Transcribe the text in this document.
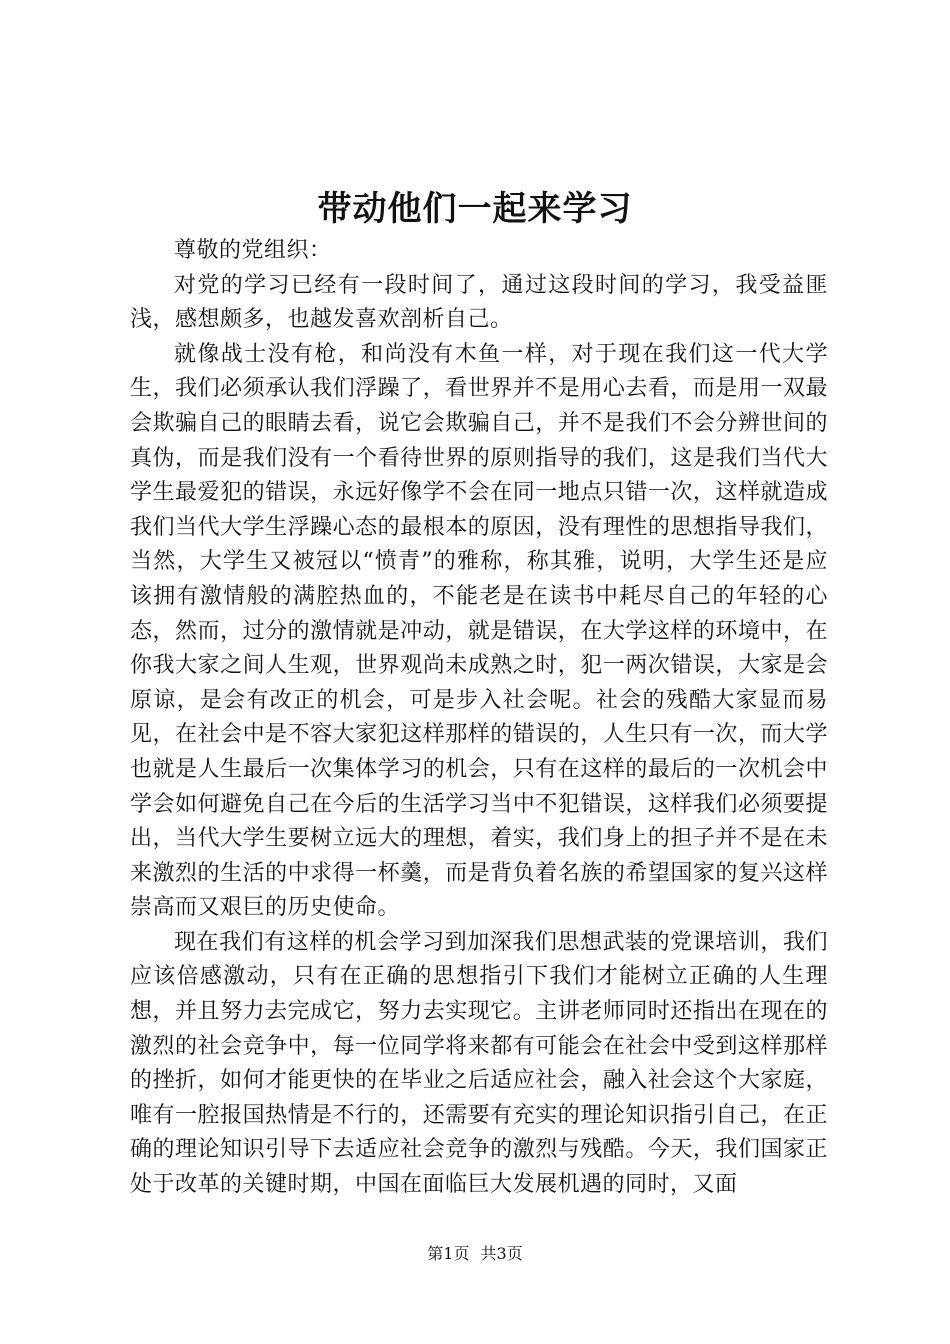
带动他们一起来学习

尊敬的党组织：

对党的学习已经有一段时间了，通过这段时间的学习，我受益匪浅，感想颇多，也越发喜欢剖析自己。

就像战士没有枪，和尚没有木鱼一样，对于现在我们这一代大学生，我们必须承认我们浮躁了，看世界并不是用心去看，而是用一双最会欺骗自己的眼睛去看，说它会欺骗自己，并不是我们不会分辨世间的真伪，而是我们没有一个看待世界的原则指导的我们，这是我们当代大学生最爱犯的错误，永远好像学不会在同一地点只错一次，这样就造成我们当代大学生浮躁心态的最根本的原因，没有理性的思想指导我们，当然，大学生又被冠以“愤青”的雅称，称其雅，说明，大学生还是应该拥有激情般的满腔热血的，不能老是在读书中耗尽自己的年轻的心态，然而，过分的激情就是冲动，就是错误，在大学这样的环境中，在你我大家之间人生观，世界观尚未成熟之时，犯一两次错误，大家是会原谅，是会有改正的机会，可是步入社会呢。社会的残酷大家显而易见，在社会中是不容大家犯这样那样的错误的，人生只有一次，而大学也就是人生最后一次集体学习的机会，只有在这样的最后的一次机会中学会如何避免自己在今后的生活学习当中不犯错误，这样我们必须要提出，当代大学生要树立远大的理想，着实，我们身上的担子并不是在未来激烈的生活的中求得一杯羹，而是背负着名族的希望国家的复兴这样崇高而又艰巨的历史使命。

现在我们有这样的机会学习到加深我们思想武装的党课培训，我们应该倍感激动，只有在正确的思想指引下我们才能树立正确的人生理想，并且努力去完成它，努力去实现它。主讲老师同时还指出在现在的激烈的社会竞争中，每一位同学将来都有可能会在社会中受到这样那样的挫折，如何才能更快的在毕业之后适应社会，融入社会这个大家庭，唯有一腔报国热情是不行的，还需要有充实的理论知识指引自己，在正确的理论知识引导下去适应社会竞争的激烈与残酷。今天，我们国家正处于改革的关键时期，中国在面临巨大发展机遇的同时，又面

第1页 共3页
